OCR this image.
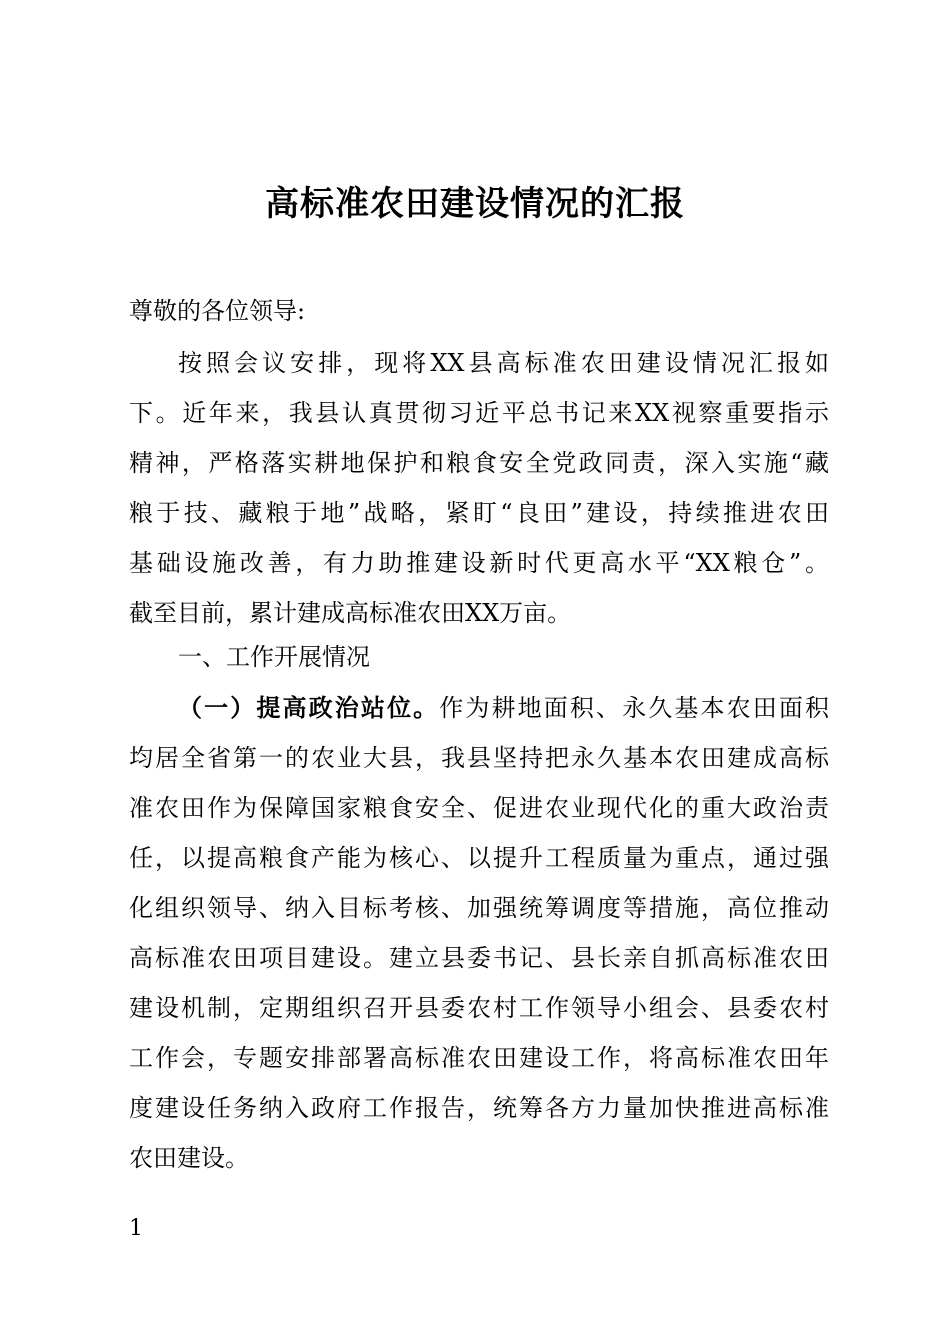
高标准农田建设情况的汇报
尊敬的各位领导:
按照会议安排，现将XX县高标准农田建设情况汇报如
下。近年来，我县认真贯彻习近平总书记来XX视察重要指示
精神，严格落实耕地保护和粮食安全党政同责，深入实施“藏
粮于技、藏粮于地”战略，紧盯“良田”建设，持续推进农田
基础设施改善，有力助推建设新时代更高水平“XX粮仓”。
截至目前，累计建成高标准农田XX万亩。
一、工作开展情况
（一）提高政治站位。作为耕地面积、永久基本农田面积
均居全省第一的农业大县，我县坚持把永久基本农田建成高标
准农田作为保障国家粮食安全、促进农业现代化的重大政治责
任，以提高粮食产能为核心、以提升工程质量为重点，通过强
化组织领导、纳入目标考核、加强统筹调度等措施，高位推动
高标准农田项目建设。建立县委书记、县长亲自抓高标准农田
建设机制，定期组织召开县委农村工作领导小组会、县委农村
工作会，专题安排部署高标准农田建设工作，将高标准农田年
度建设任务纳入政府工作报告，统筹各方力量加快推进高标准
农田建设。
1
